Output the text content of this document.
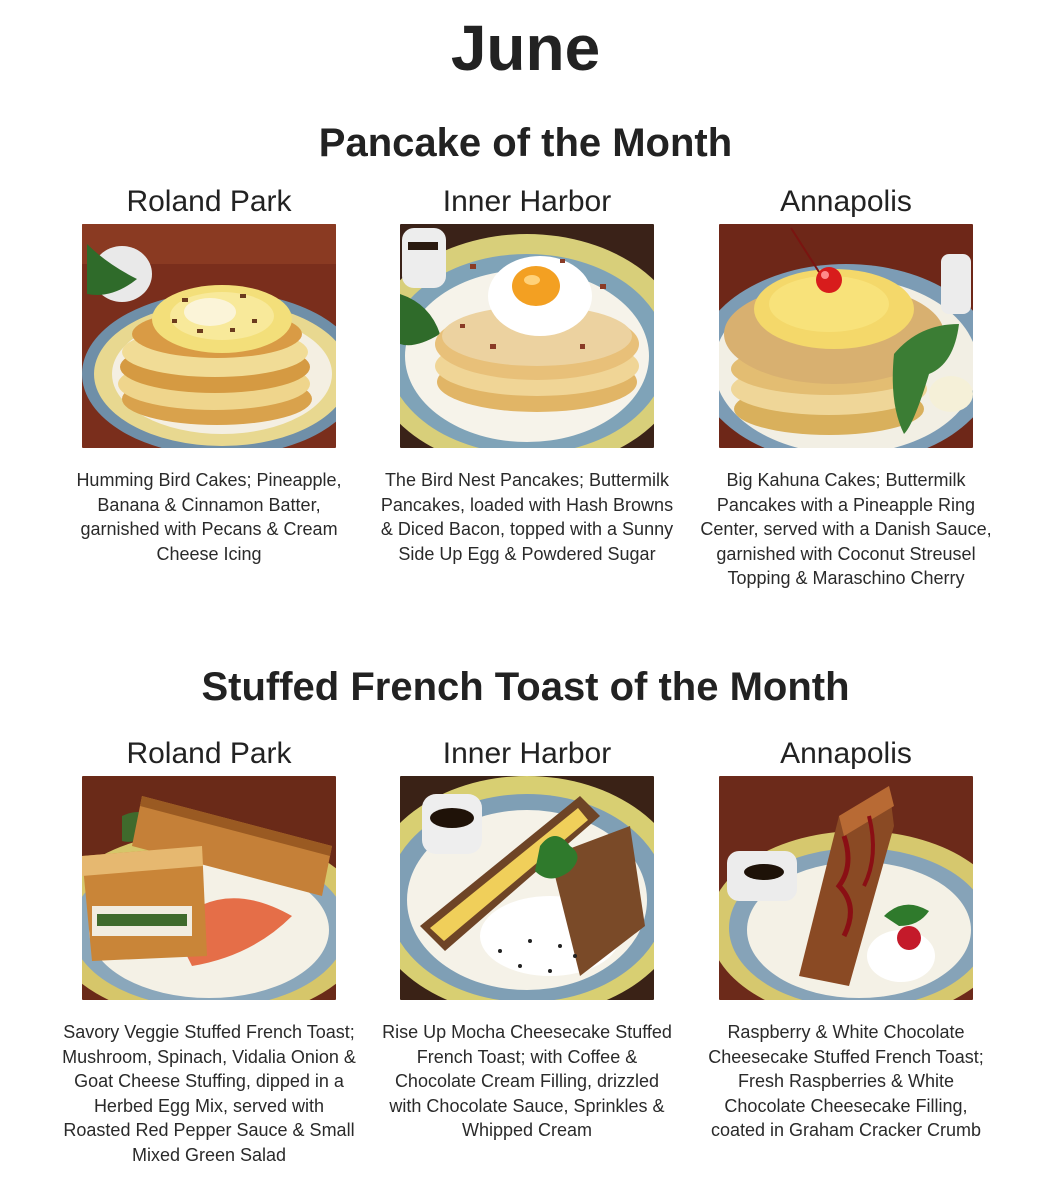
June
Pancake of the Month
Roland Park
Humming Bird Cakes; Pineapple, Banana & Cinnamon Batter, garnished with Pecans & Cream Cheese Icing
Inner Harbor
The Bird Nest Pancakes; Buttermilk Pancakes, loaded with Hash Browns & Diced Bacon, topped with a Sunny Side Up Egg & Powdered Sugar
Annapolis
Big Kahuna Cakes; Buttermilk Pancakes with a Pineapple Ring Center, served with a Danish Sauce, garnished with Coconut Streusel Topping & Maraschino Cherry
Stuffed French Toast of the Month
Roland Park
Savory Veggie Stuffed French Toast; Mushroom, Spinach, Vidalia Onion & Goat Cheese Stuffing, dipped in a Herbed Egg Mix, served with Roasted Red Pepper Sauce & Small Mixed Green Salad
Inner Harbor
Rise Up Mocha Cheesecake Stuffed French Toast; with Coffee & Chocolate Cream Filling, drizzled with Chocolate Sauce, Sprinkles & Whipped Cream
Annapolis
Raspberry & White Chocolate Cheesecake Stuffed French Toast; Fresh Raspberries & White Chocolate Cheesecake Filling, coated in Graham Cracker Crumb
